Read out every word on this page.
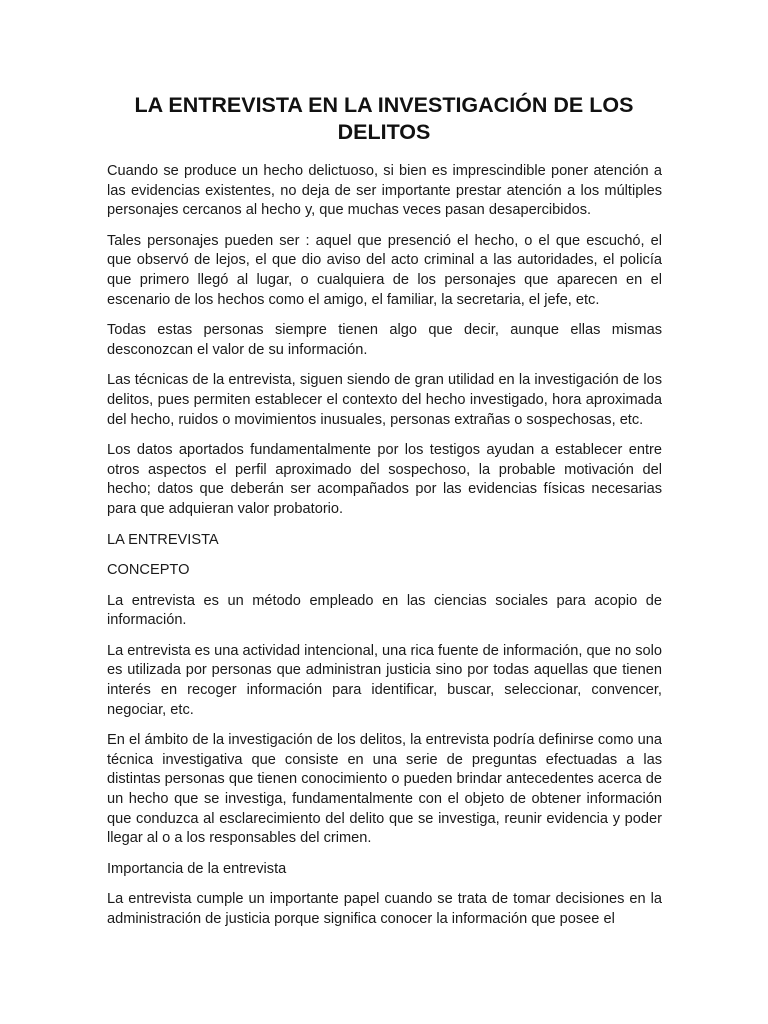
LA ENTREVISTA EN LA INVESTIGACIÓN DE LOS DELITOS

Cuando se produce un hecho delictuoso, si bien es imprescindible poner atención a las evidencias existentes, no deja de ser importante prestar atención a los múltiples personajes cercanos al hecho y, que muchas veces pasan desapercibidos.

Tales personajes pueden ser : aquel que presenció el hecho, o el que escuchó, el que observó de lejos, el que dio aviso del acto criminal a las autoridades, el policía que primero llegó al lugar, o cualquiera de los personajes que aparecen en el escenario de los hechos como el amigo, el familiar, la secretaria, el jefe, etc.

Todas estas personas siempre tienen algo que decir, aunque ellas mismas desconozcan el valor de su información.

Las técnicas de la entrevista, siguen siendo de gran utilidad en la investigación de los delitos, pues permiten establecer el contexto del hecho investigado, hora aproximada del hecho, ruidos o movimientos inusuales, personas extrañas o sospechosas, etc.

Los datos aportados fundamentalmente por los testigos ayudan a establecer entre otros aspectos el perfil aproximado del sospechoso, la probable motivación del hecho; datos que deberán ser acompañados por las evidencias físicas necesarias para que adquieran valor probatorio.

LA ENTREVISTA

CONCEPTO

La entrevista es un método empleado en las ciencias sociales para acopio de información.

La entrevista es una actividad intencional, una rica fuente de información, que no solo es utilizada por personas que administran justicia sino por todas aquellas que tienen interés en recoger información para identificar, buscar, seleccionar, convencer, negociar, etc.

En el ámbito de la investigación de los delitos, la entrevista podría definirse como una técnica investigativa que consiste en una serie de preguntas efectuadas a las distintas personas que tienen conocimiento o pueden brindar antecedentes acerca de un hecho que se investiga, fundamentalmente con el objeto de obtener información que conduzca al esclarecimiento del delito que se investiga, reunir evidencia y poder llegar al o a los responsables del crimen.

Importancia de la entrevista

La entrevista cumple un importante papel cuando se trata de tomar decisiones en la administración de justicia porque significa conocer la información que posee el
